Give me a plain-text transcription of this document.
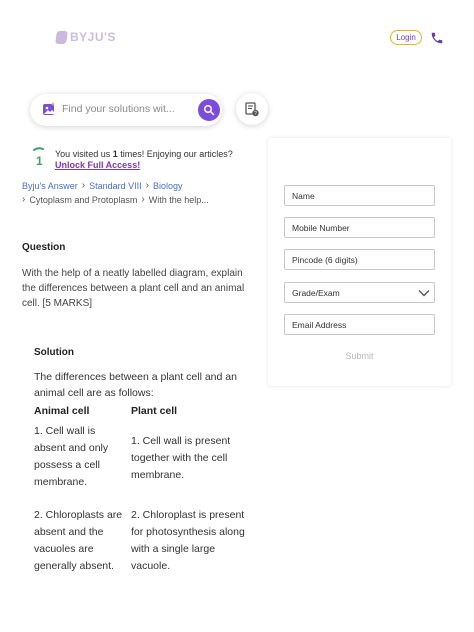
BYJU'S	Login
Find your solutions wit...
?
1 You visited us 1 times! Enjoying our articles?
Unlock Full Access!
Byju's Answer › Standard VIII › Biology
› Cytoplasm and Protoplasm › With the help...
Question
With the help of a neatly labelled diagram, explain the differences between a plant cell and an animal cell. [5 MARKS]
Solution
The differences between a plant cell and an animal cell are as follows:
Animal cell	Plant cell
1. Cell wall is absent and only possess a cell membrane.	1. Cell wall is present together with the cell membrane.
2. Chloroplasts are absent and the vacuoles are generally absent.	2. Chloroplast is present for photosynthesis along with a single large vacuole.
Name
Mobile Number
Pincode (6 digits)
Grade/Exam
Email Address
Submit
